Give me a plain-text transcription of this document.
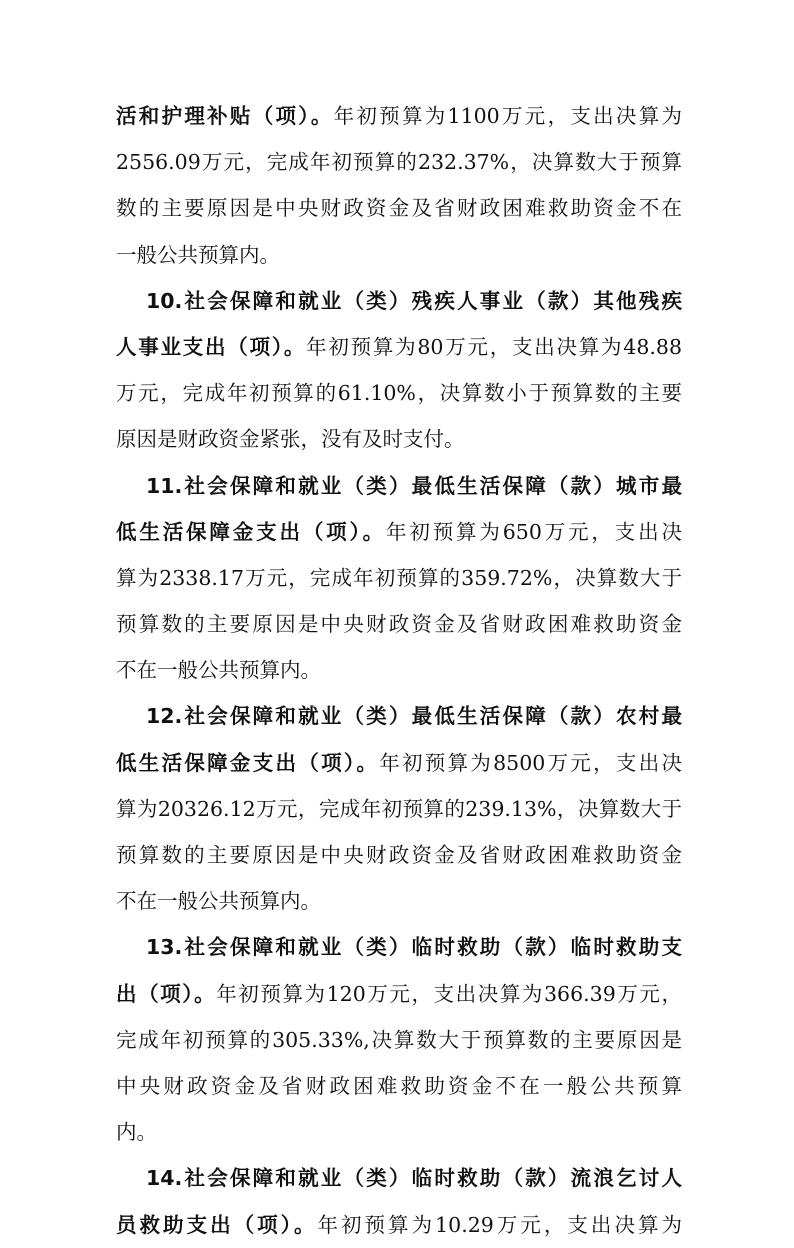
活和护理补贴（项）。年初预算为1100万元，支出决算为
2556.09万元，完成年初预算的232.37%，决算数大于预算
数的主要原因是中央财政资金及省财政困难救助资金不在
一般公共预算内。
10.社会保障和就业（类）残疾人事业（款）其他残疾
人事业支出（项）。年初预算为80万元，支出决算为48.88
万元，完成年初预算的61.10%，决算数小于预算数的主要
原因是财政资金紧张，没有及时支付。
11.社会保障和就业（类）最低生活保障（款）城市最
低生活保障金支出（项）。年初预算为650万元，支出决
算为2338.17万元，完成年初预算的359.72%，决算数大于
预算数的主要原因是中央财政资金及省财政困难救助资金
不在一般公共预算内。
12.社会保障和就业（类）最低生活保障（款）农村最
低生活保障金支出（项）。年初预算为8500万元，支出决
算为20326.12万元，完成年初预算的239.13%，决算数大于
预算数的主要原因是中央财政资金及省财政困难救助资金
不在一般公共预算内。
13.社会保障和就业（类）临时救助（款）临时救助支
出（项）。年初预算为120万元，支出决算为366.39万元，
完成年初预算的305.33%,决算数大于预算数的主要原因是
中央财政资金及省财政困难救助资金不在一般公共预算
内。
14.社会保障和就业（类）临时救助（款）流浪乞讨人
员救助支出（项）。年初预算为10.29万元，支出决算为
